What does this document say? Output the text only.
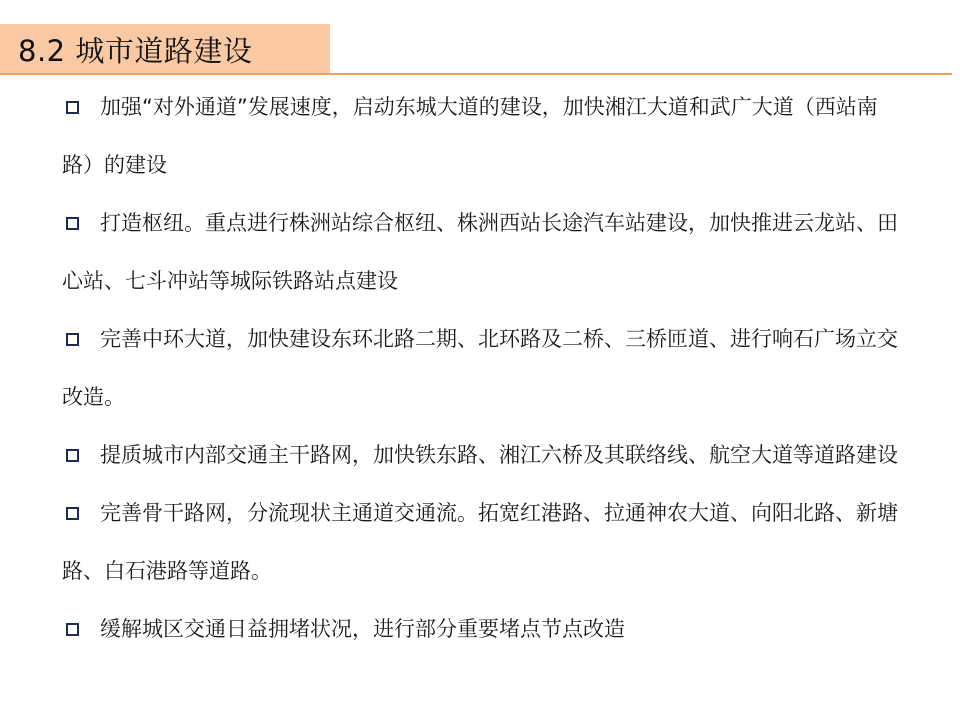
8.2 城市道路建设
加强“对外通道”发展速度，启动东城大道的建设，加快湘江大道和武广大道（西站南路）的建设
打造枢纽。重点进行株洲站综合枢纽、株洲西站长途汽车站建设，加快推进云龙站、田心站、七斗冲站等城际铁路站点建设
完善中环大道，加快建设东环北路二期、北环路及二桥、三桥匝道、进行响石广场立交改造。
提质城市内部交通主干路网，加快铁东路、湘江六桥及其联络线、航空大道等道路建设
完善骨干路网，分流现状主通道交通流。拓宽红港路、拉通神农大道、向阳北路、新塘路、白石港路等道路。
缓解城区交通日益拥堵状况，进行部分重要堵点节点改造
